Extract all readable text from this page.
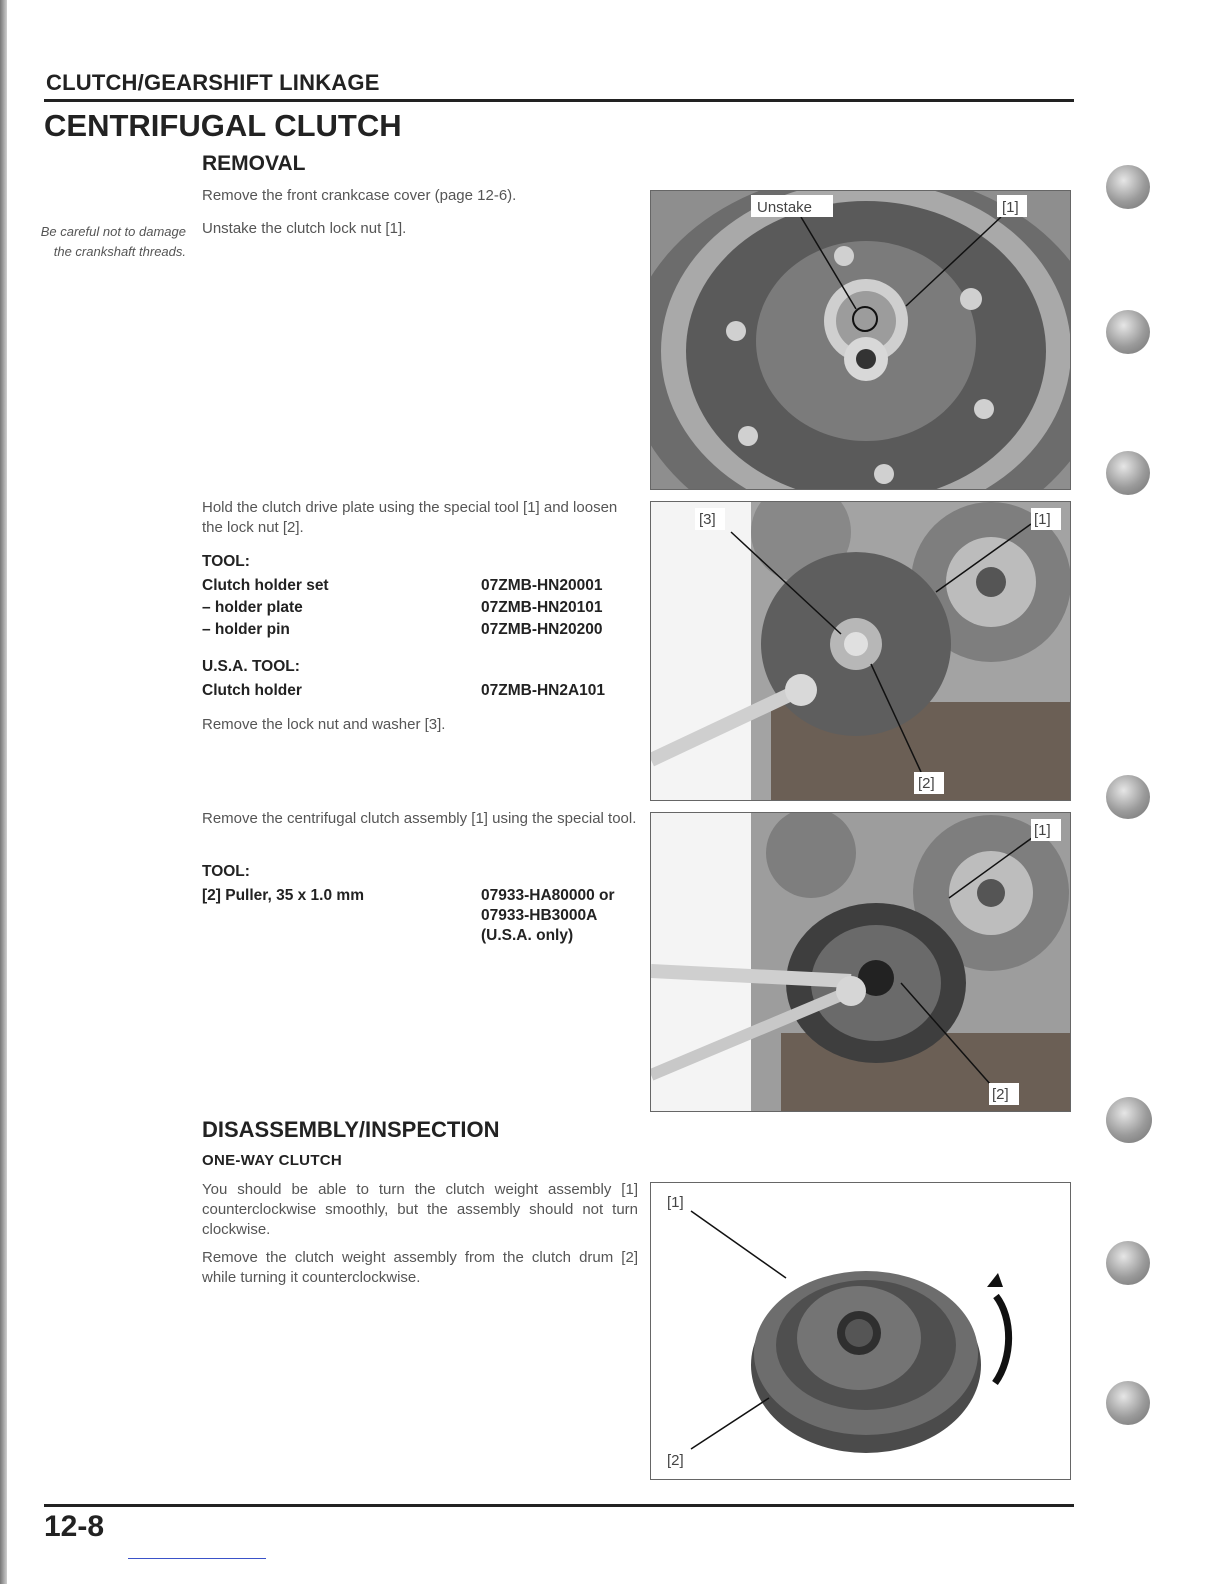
CLUTCH/GEARSHIFT LINKAGE
CENTRIFUGAL CLUTCH
REMOVAL
Remove the front crankcase cover (page 12-6).
Unstake the clutch lock nut [1].
Be careful not to damage the crankshaft threads.
Hold the clutch drive plate using the special tool [1] and loosen the lock nut [2].
TOOL:
Clutch holder set	07ZMB-HN20001
– holder plate	07ZMB-HN20101
– holder pin	07ZMB-HN20200
U.S.A. TOOL:
Clutch holder	07ZMB-HN2A101
Remove the lock nut and washer [3].
Remove the centrifugal clutch assembly [1] using the special tool.
TOOL:
[2] Puller, 35 x 1.0 mm	07933-HA80000 or
07933-HB3000A
(U.S.A. only)
DISASSEMBLY/INSPECTION
ONE-WAY CLUTCH
You should be able to turn the clutch weight assembly [1] counterclockwise smoothly, but the assembly should not turn clockwise.
Remove the clutch weight assembly from the clutch drum [2] while turning it counterclockwise.
Unstake	[1]
[3]	[1]
[2]
[1]
[2]
[1]
[2]
12-8
